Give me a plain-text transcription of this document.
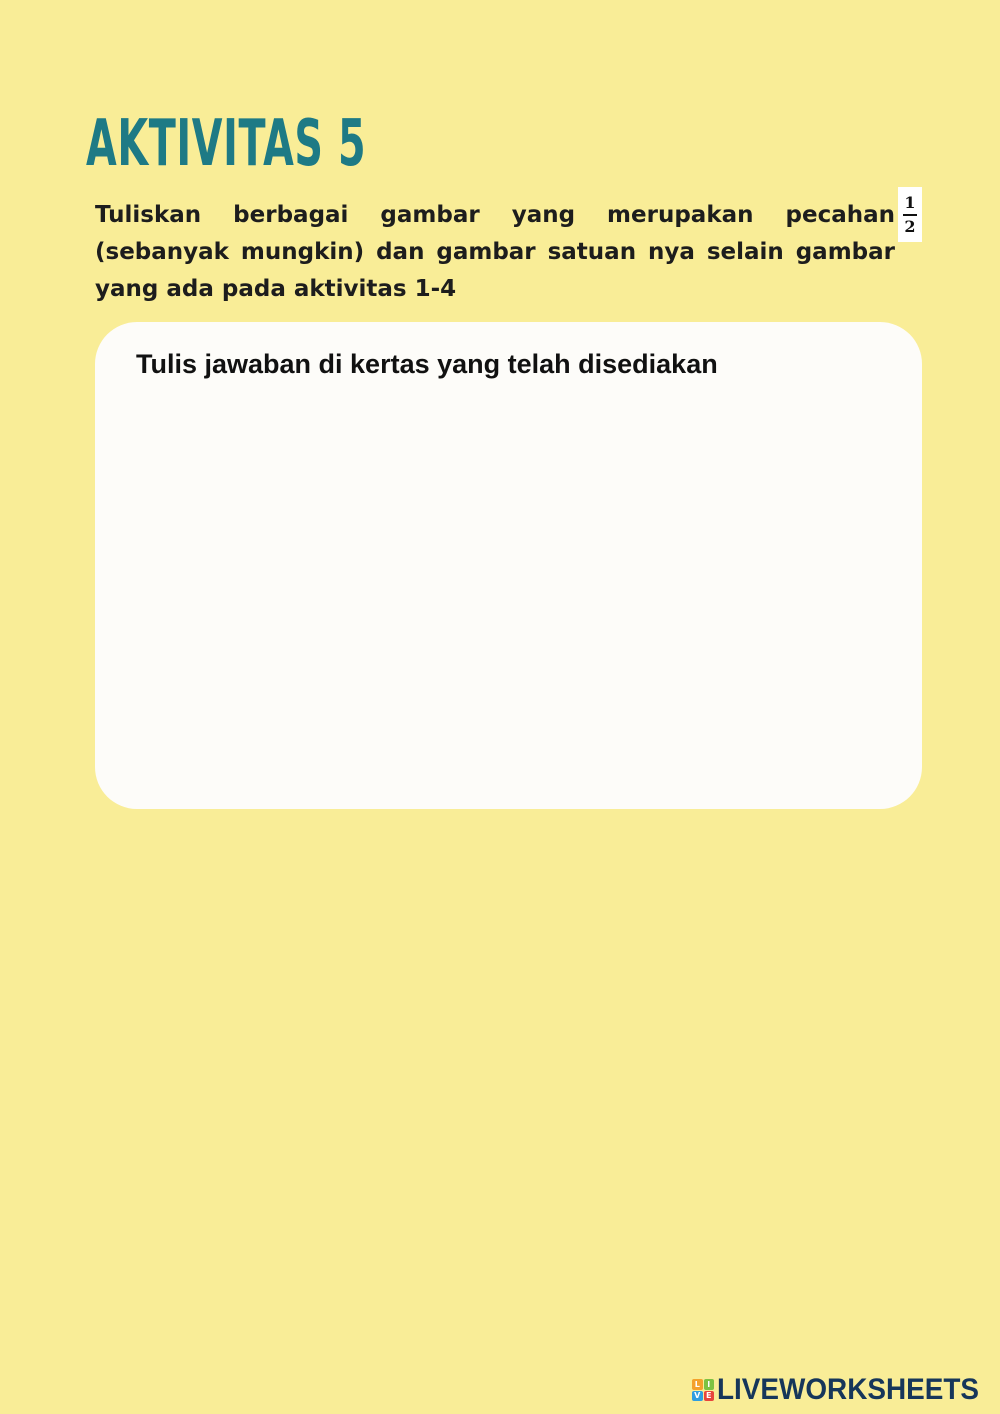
AKTIVITAS 5

Tuliskan berbagai gambar yang merupakan pecahan (sebanyak mungkin) dan gambar satuan nya selain gambar yang ada pada aktivitas 1-4

1
2

Tulis jawaban di kertas yang telah disediakan

L I
V E LIVEWORKSHEETS
